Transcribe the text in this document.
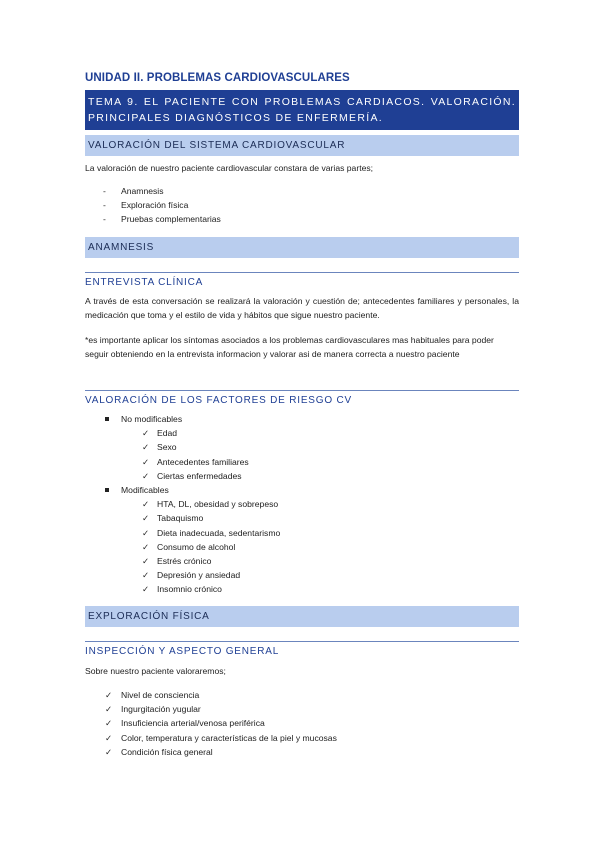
UNIDAD II. PROBLEMAS CARDIOVASCULARES
TEMA 9. EL PACIENTE CON PROBLEMAS CARDIACOS. VALORACIÓN. PRINCIPALES DIAGNÓSTICOS DE ENFERMERÍA.
VALORACIÓN DEL SISTEMA CARDIOVASCULAR
La valoración de nuestro paciente cardiovascular constara de varias partes;
- Anamnesis
- Exploración física
- Pruebas complementarias
ANAMNESIS
ENTREVISTA CLÍNICA
A través de esta conversación se realizará la valoración y cuestión de; antecedentes familiares y personales, la medicación que toma y el estilo de vida y hábitos que sigue nuestro paciente.
*es importante aplicar los síntomas asociados a los problemas cardiovasculares mas habituales para poder seguir obteniendo en la entrevista informacion y valorar asi de manera correcta a nuestro paciente
VALORACIÓN DE LOS FACTORES DE RIESGO CV
No modificables
✓ Edad
✓ Sexo
✓ Antecedentes familiares
✓ Ciertas enfermedades
Modificables
✓ HTA, DL, obesidad y sobrepeso
✓ Tabaquismo
✓ Dieta inadecuada, sedentarismo
✓ Consumo de alcohol
✓ Estrés crónico
✓ Depresión y ansiedad
✓ Insomnio crónico
EXPLORACIÓN FÍSICA
INSPECCIÓN Y ASPECTO GENERAL
Sobre nuestro paciente valoraremos;
✓ Nivel de consciencia
✓ Ingurgitación yugular
✓ Insuficiencia arterial/venosa periférica
✓ Color, temperatura y características de la piel y mucosas
✓ Condición física general
